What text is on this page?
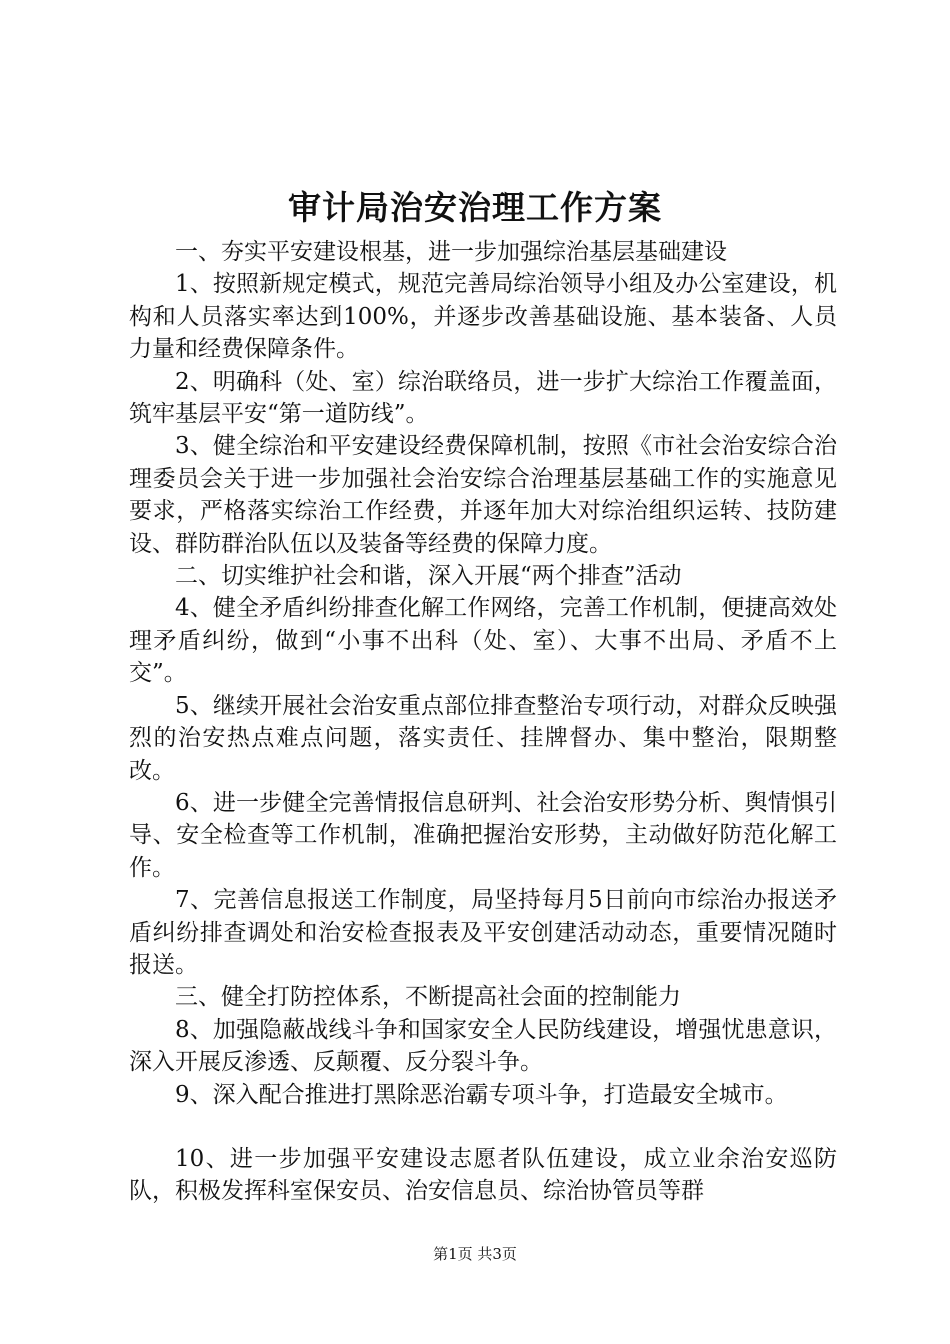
审计局治安治理工作方案

一、夯实平安建设根基，进一步加强综治基层基础建设

1、按照新规定模式，规范完善局综治领导小组及办公室建设，机构和人员落实率达到100%，并逐步改善基础设施、基本装备、人员力量和经费保障条件。

2、明确科（处、室）综治联络员，进一步扩大综治工作覆盖面，筑牢基层平安“第一道防线”。

3、健全综治和平安建设经费保障机制，按照《市社会治安综合治理委员会关于进一步加强社会治安综合治理基层基础工作的实施意见要求，严格落实综治工作经费，并逐年加大对综治组织运转、技防建设、群防群治队伍以及装备等经费的保障力度。

二、切实维护社会和谐，深入开展“两个排查”活动

4、健全矛盾纠纷排查化解工作网络，完善工作机制，便捷高效处理矛盾纠纷，做到“小事不出科（处、室）、大事不出局、矛盾不上交”。

5、继续开展社会治安重点部位排查整治专项行动，对群众反映强烈的治安热点难点问题，落实责任、挂牌督办、集中整治，限期整改。

6、进一步健全完善情报信息研判、社会治安形势分析、舆情惧引导、安全检查等工作机制，准确把握治安形势，主动做好防范化解工作。

7、完善信息报送工作制度，局坚持每月5日前向市综治办报送矛盾纠纷排查调处和治安检查报表及平安创建活动动态，重要情况随时报送。

三、健全打防控体系，不断提高社会面的控制能力

8、加强隐蔽战线斗争和国家安全人民防线建设，增强忧患意识，深入开展反渗透、反颠覆、反分裂斗争。

9、深入配合推进打黑除恶治霸专项斗争，打造最安全城市。

10、进一步加强平安建设志愿者队伍建设，成立业余治安巡防队，积极发挥科室保安员、治安信息员、综治协管员等群

第1页 共3页
